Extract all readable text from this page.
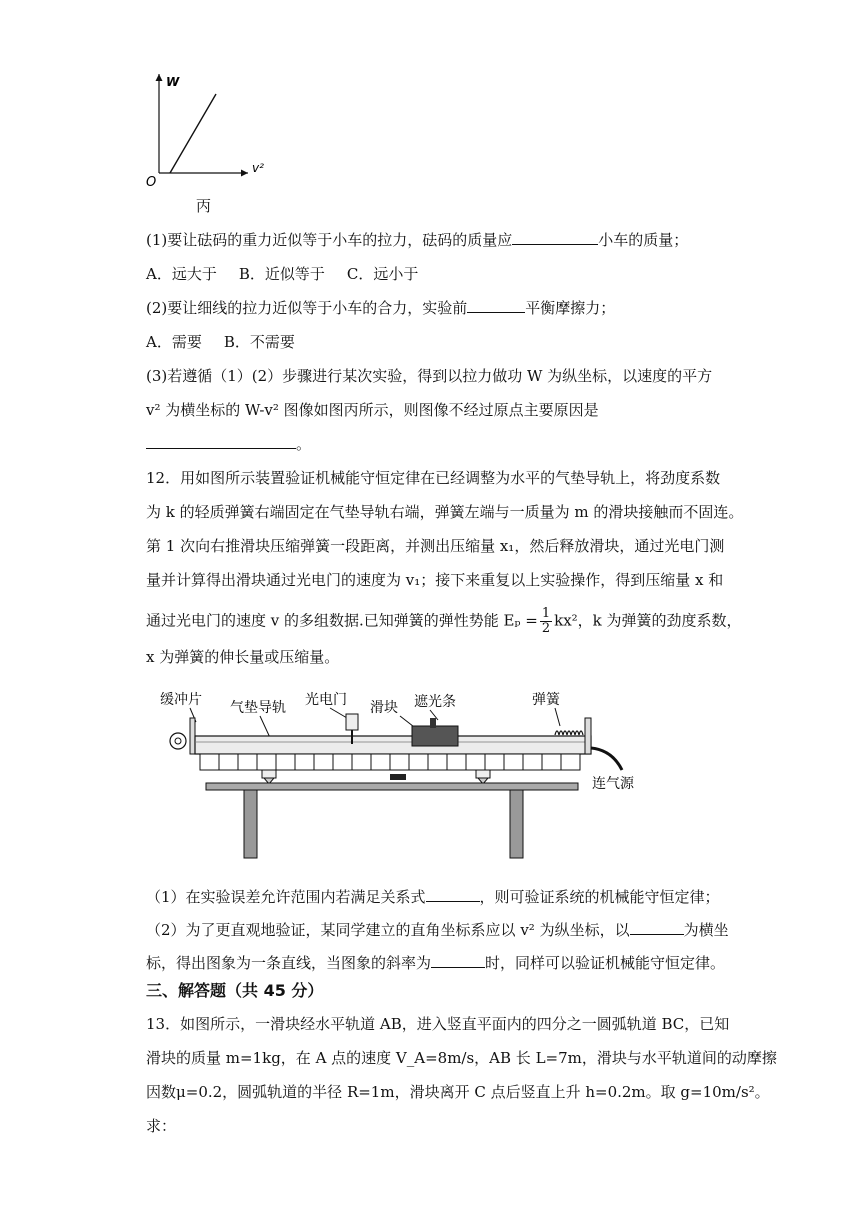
W
v²
O
丙
(1)要让砝码的重力近似等于小车的拉力，砝码的质量应	小车的质量；
A．远大于 B．近似等于 C．远小于
(2)要让细线的拉力近似等于小车的合力，实验前	平衡摩擦力；
A．需要 B．不需要
(3)若遵循（1）(2）步骤进行某次实验，得到以拉力做功 W 为纵坐标，以速度的平方
v² 为横坐标的 W-v² 图像如图丙所示，则图像不经过原点主要原因是
。
12．用如图所示装置验证机械能守恒定律在已经调整为水平的气垫导轨上，将劲度系数
为 k 的轻质弹簧右端固定在气垫导轨右端，弹簧左端与一质量为 m 的滑块接触而不固连。
第 1 次向右推滑块压缩弹簧一段距离，并测出压缩量 x₁，然后释放滑块，通过光电门测
量并计算得出滑块通过光电门的速度为 v₁；接下来重复以上实验操作，得到压缩量 x 和
通过光电门的速度 v 的多组数据.已知弹簧的弹性势能 $E_p = \frac{1}{2} kx^2$，k 为弹簧的劲度系数，
x 为弹簧的伸长量或压缩量。
缓冲片 气垫导轨 光电门 滑块 遮光条	弹簧
连气源
（1）在实验误差允许范围内若满足关系式	，则可验证系统的机械能守恒定律；
（2）为了更直观地验证，某同学建立的直角坐标系应以 v² 为纵坐标，以	为横坐
标，得出图象为一条直线，当图象的斜率为	时，同样可以验证机械能守恒定律。
三、解答题（共 45 分）
13．如图所示，一滑块经水平轨道 AB，进入竖直平面内的四分之一圆弧轨道 BC，已知
滑块的质量 m=1kg，在 A 点的速度 V_A=8m/s，AB 长 L=7m，滑块与水平轨道间的动摩擦
因数μ=0.2，圆弧轨道的半径 R=1m，滑块离开 C 点后竖直上升 h=0.2m。取 g=10m/s²。
求：
